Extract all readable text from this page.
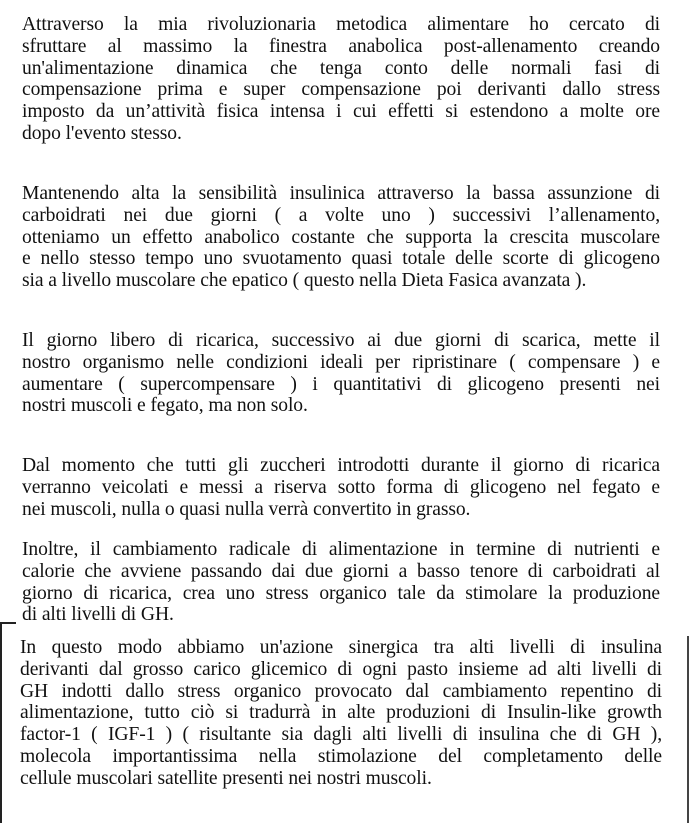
Attraverso la mia rivoluzionaria metodica alimentare ho cercato di
sfruttare al massimo la finestra anabolica post-allenamento creando
un'alimentazione dinamica che tenga conto delle normali fasi di
compensazione prima e super compensazione poi derivanti dallo stress
imposto da un’attività fisica intensa i cui effetti si estendono a molte ore
dopo l'evento stesso.

Mantenendo alta la sensibilità insulinica attraverso la bassa assunzione di
carboidrati nei due giorni ( a volte uno ) successivi l’allenamento,
otteniamo un effetto anabolico costante che supporta la crescita muscolare
e nello stesso tempo uno svuotamento quasi totale delle scorte di glicogeno
sia a livello muscolare che epatico ( questo nella Dieta Fasica avanzata ).

Il giorno libero di ricarica, successivo ai due giorni di scarica, mette il
nostro organismo nelle condizioni ideali per ripristinare ( compensare ) e
aumentare ( supercompensare ) i quantitativi di glicogeno presenti nei
nostri muscoli e fegato, ma non solo.

Dal momento che tutti gli zuccheri introdotti durante il giorno di ricarica
verranno veicolati e messi a riserva sotto forma di glicogeno nel fegato e
nei muscoli, nulla o quasi nulla verrà convertito in grasso.

Inoltre, il cambiamento radicale di alimentazione in termine di nutrienti e
calorie che avviene passando dai due giorni a basso tenore di carboidrati al
giorno di ricarica, crea uno stress organico tale da stimolare la produzione
di alti livelli di GH.

In questo modo abbiamo un'azione sinergica tra alti livelli di insulina
derivanti dal grosso carico glicemico di ogni pasto insieme ad alti livelli di
GH indotti dallo stress organico provocato dal cambiamento repentino di
alimentazione, tutto ciò si tradurrà in alte produzioni di Insulin-like growth
factor-1 ( IGF-1 ) ( risultante sia dagli alti livelli di insulina che di GH ),
molecola importantissima nella stimolazione del completamento delle
cellule muscolari satellite presenti nei nostri muscoli.
